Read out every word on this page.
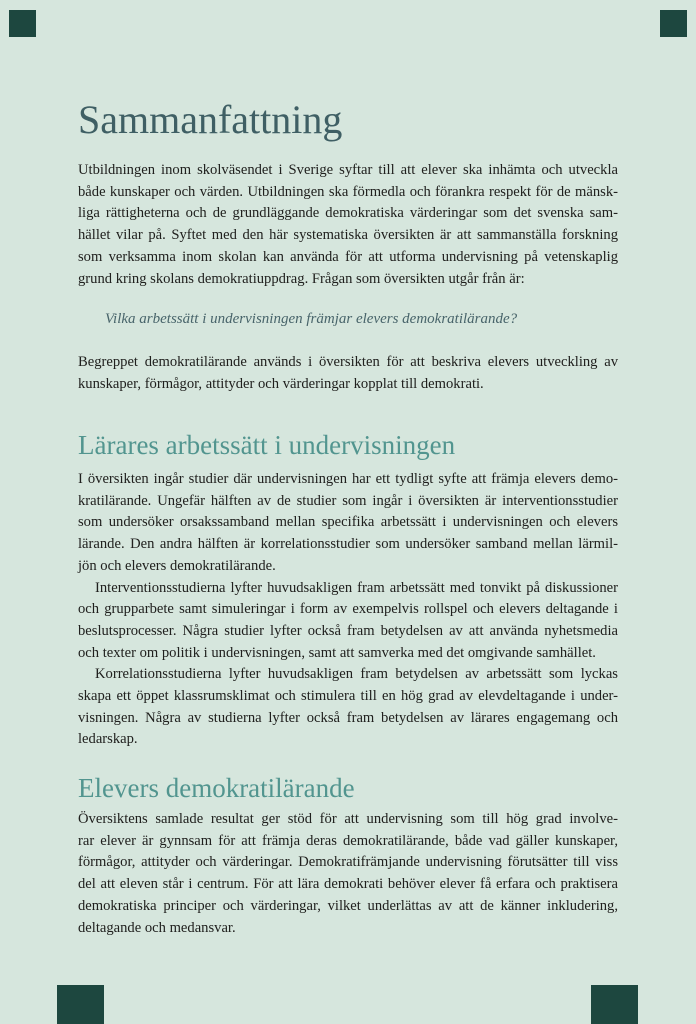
Sammanfattning
Utbildningen inom skolväsendet i Sverige syftar till att elever ska inhämta och utveckla
både kunskaper och värden. Utbildningen ska förmedla och förankra respekt för de mänsk-
liga rättigheterna och de grundläggande demokratiska värderingar som det svenska sam-
hället vilar på. Syftet med den här systematiska översikten är att sammanställa forskning
som verksamma inom skolan kan använda för att utforma undervisning på vetenskaplig
grund kring skolans demokratiuppdrag. Frågan som översikten utgår från är:
Vilka arbetssätt i undervisningen främjar elevers demokratilärande?
Begreppet demokratilärande används i översikten för att beskriva elevers utveckling av
kunskaper, förmågor, attityder och värderingar kopplat till demokrati.
Lärares arbetssätt i undervisningen
I översikten ingår studier där undervisningen har ett tydligt syfte att främja elevers demo-
kratilärande. Ungefär hälften av de studier som ingår i översikten är interventionsstudier
som undersöker orsakssamband mellan specifika arbetssätt i undervisningen och elevers
lärande. Den andra hälften är korrelationsstudier som undersöker samband mellan lärmil-
jön och elevers demokratilärande.
Interventionsstudierna lyfter huvudsakligen fram arbetssätt med tonvikt på diskussioner
och grupparbete samt simuleringar i form av exempelvis rollspel och elevers deltagande i
beslutsprocesser. Några studier lyfter också fram betydelsen av att använda nyhetsmedia
och texter om politik i undervisningen, samt att samverka med det omgivande samhället.
Korrelationsstudierna lyfter huvudsakligen fram betydelsen av arbetssätt som lyckas
skapa ett öppet klassrumsklimat och stimulera till en hög grad av elevdeltagande i under-
visningen. Några av studierna lyfter också fram betydelsen av lärares engagemang och
ledarskap.
Elevers demokratilärande
Översiktens samlade resultat ger stöd för att undervisning som till hög grad involve-
rar elever är gynnsam för att främja deras demokratilärande, både vad gäller kunskaper,
förmågor, attityder och värderingar. Demokratifrämjande undervisning förutsätter till viss
del att eleven står i centrum. För att lära demokrati behöver elever få erfara och praktisera
demokratiska principer och värderingar, vilket underlättas av att de känner inkludering,
deltagande och medansvar.
